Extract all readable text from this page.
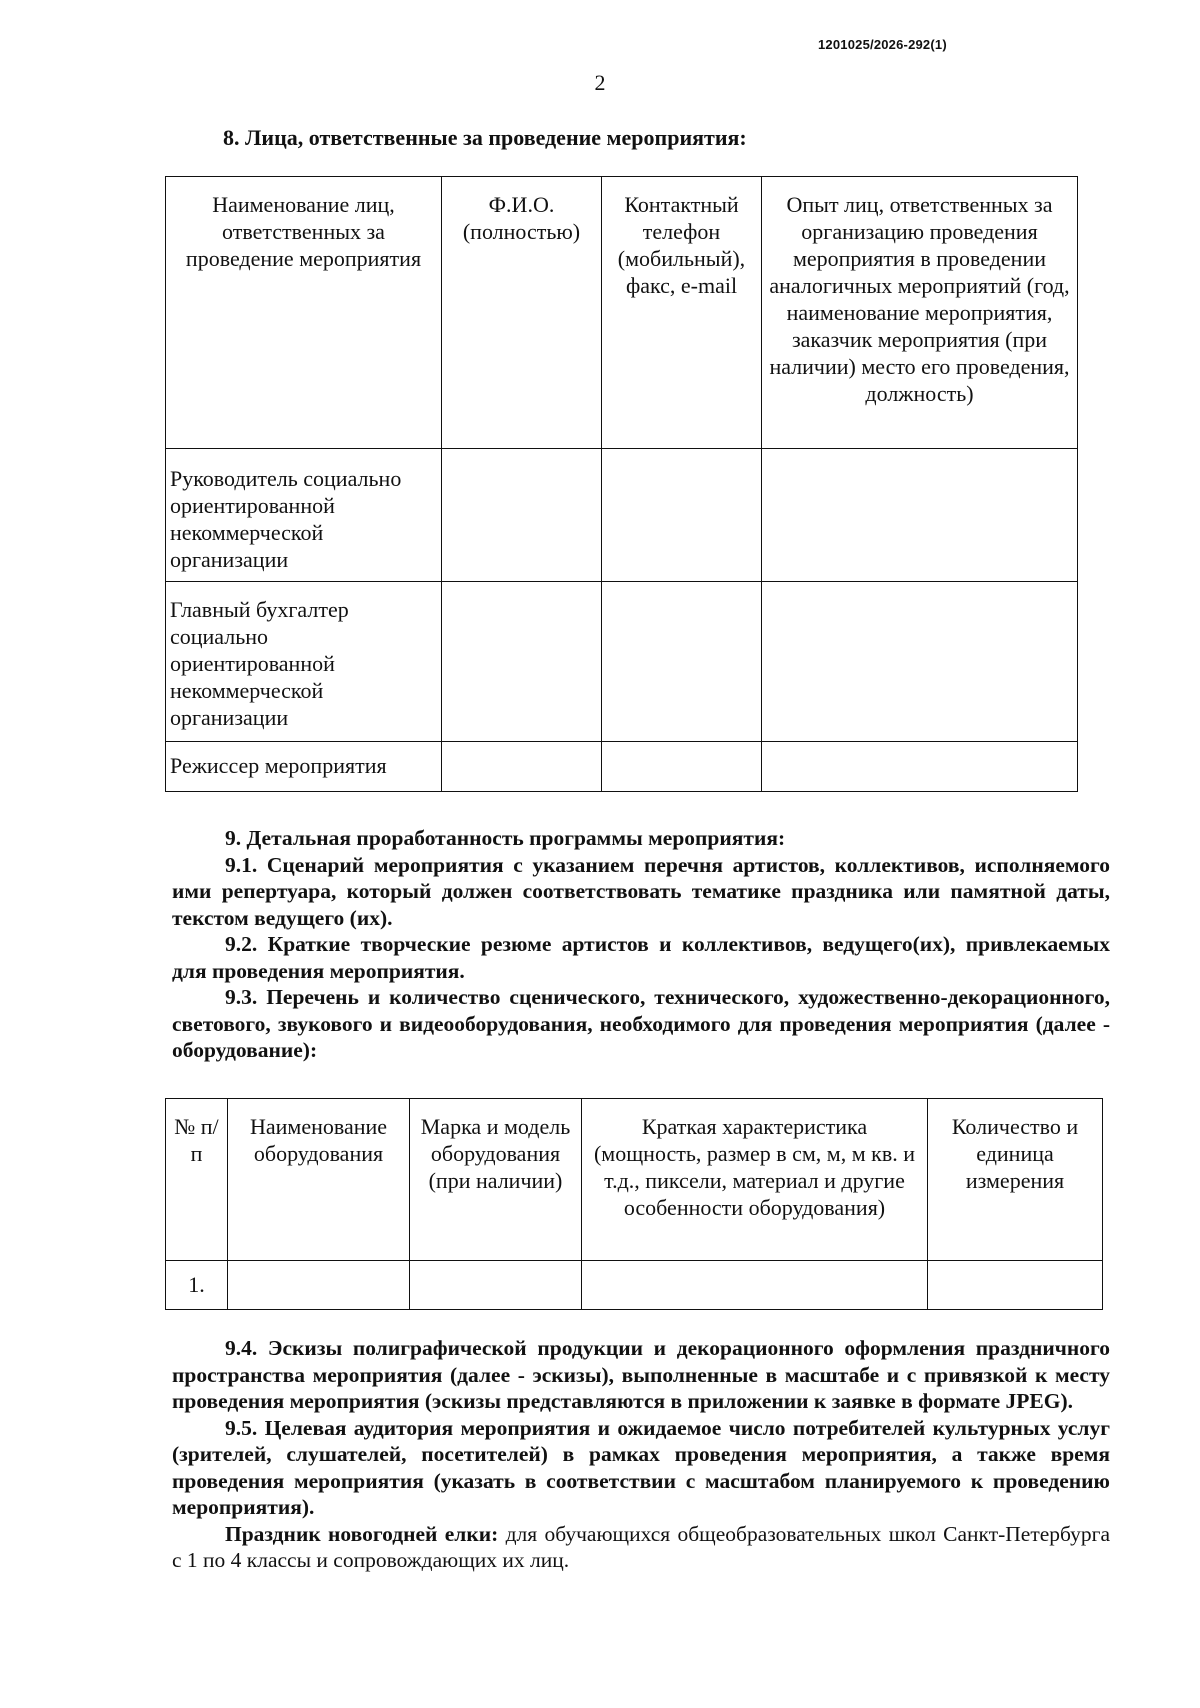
1201025/2026-292(1)
2
8. Лица, ответственные за проведение мероприятия:
Наименование лиц, ответственных за проведение мероприятия	Ф.И.О. (полностью)	Контактный телефон (мобильный), факс, e-mail	Опыт лиц, ответственных за организацию проведения мероприятия в проведении аналогичных мероприятий (год, наименование мероприятия, заказчик мероприятия (при наличии) место его проведения, должность)
Руководитель социально ориентированной некоммерческой организации			
Главный бухгалтер социально ориентированной некоммерческой организации			
Режиссер мероприятия			

9. Детальная проработанность программы мероприятия:

9.1. Сценарий мероприятия с указанием перечня артистов, коллективов, исполняемого ими репертуара, который должен соответствовать тематике праздника или памятной даты, текстом ведущего (их).

9.2. Краткие творческие резюме артистов и коллективов, ведущего(их), привлекаемых для проведения мероприятия.

9.3. Перечень и количество сценического, технического, художественно-декорационного, светового, звукового и видеооборудования, необходимого для проведения мероприятия (далее - оборудование):

№ п/п	Наименование оборудования	Марка и модель оборудования (при наличии)	Краткая характеристика (мощность, размер в см, м, м кв. и т.д., пиксели, материал и другие особенности оборудования)	Количество и единица измерения
1.				

9.4. Эскизы полиграфической продукции и декорационного оформления праздничного пространства мероприятия (далее - эскизы), выполненные в масштабе и с привязкой к месту проведения мероприятия (эскизы представляются в приложении к заявке в формате JPEG).

9.5. Целевая аудитория мероприятия и ожидаемое число потребителей культурных услуг (зрителей, слушателей, посетителей) в рамках проведения мероприятия, а также время проведения мероприятия (указать в соответствии с масштабом планируемого к проведению мероприятия).

Праздник новогодней елки: для обучающихся общеобразовательных школ Санкт-Петербурга с 1 по 4 классы и сопровождающих их лиц.
